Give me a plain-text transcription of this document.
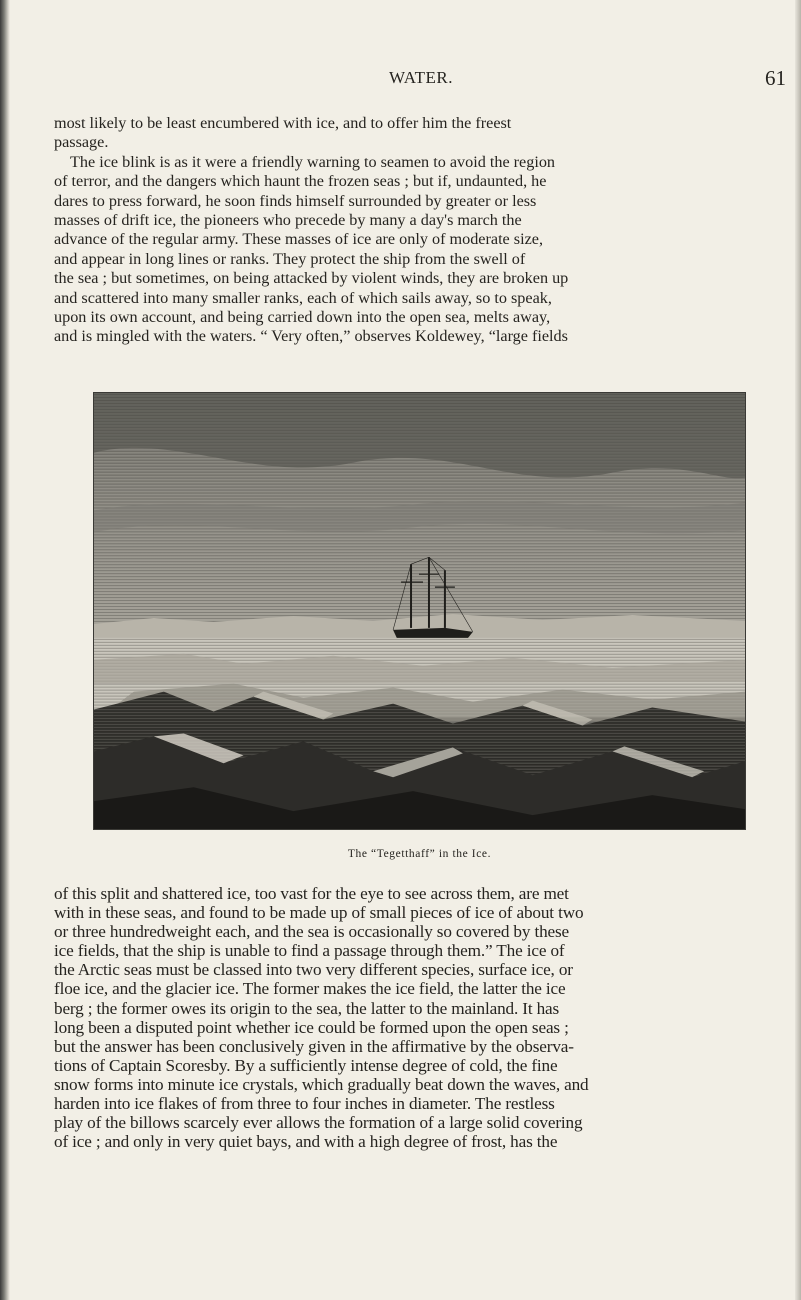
WATER.	61
most likely to be least encumbered with ice, and to offer him the freest
passage.
The ice blink is as it were a friendly warning to seamen to avoid the region
of terror, and the dangers which haunt the frozen seas ; but if, undaunted, he
dares to press forward, he soon finds himself surrounded by greater or less
masses of drift ice, the pioneers who precede by many a day's march the
advance of the regular army. These masses of ice are only of moderate size,
and appear in long lines or ranks. They protect the ship from the swell of
the sea ; but sometimes, on being attacked by violent winds, they are broken up
and scattered into many smaller ranks, each of which sails away, so to speak,
upon its own account, and being carried down into the open sea, melts away,
and is mingled with the waters. “ Very often,” observes Koldewey, “large fields
The “Tegetthaff” in the Ice.
of this split and shattered ice, too vast for the eye to see across them, are met
with in these seas, and found to be made up of small pieces of ice of about two
or three hundredweight each, and the sea is occasionally so covered by these
ice fields, that the ship is unable to find a passage through them.” The ice of
the Arctic seas must be classed into two very different species, surface ice, or
floe ice, and the glacier ice. The former makes the ice field, the latter the ice
berg ; the former owes its origin to the sea, the latter to the mainland. It has
long been a disputed point whether ice could be formed upon the open seas ;
but the answer has been conclusively given in the affirmative by the observa-
tions of Captain Scoresby. By a sufficiently intense degree of cold, the fine
snow forms into minute ice crystals, which gradually beat down the waves, and
harden into ice flakes of from three to four inches in diameter. The restless
play of the billows scarcely ever allows the formation of a large solid covering
of ice ; and only in very quiet bays, and with a high degree of frost, has the
